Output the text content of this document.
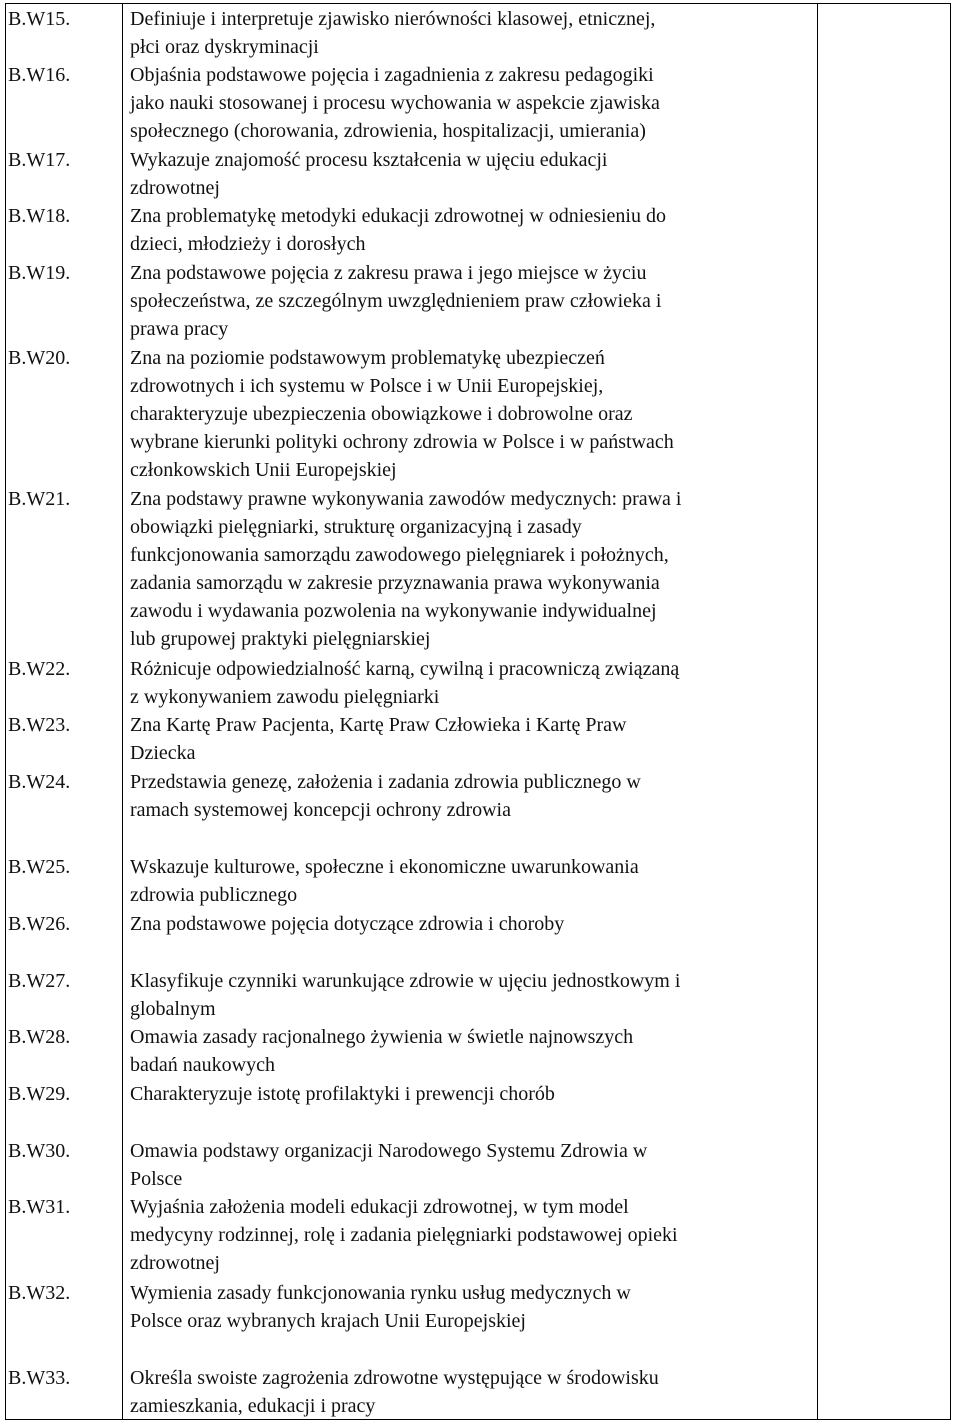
B.W15.	Definiuje i interpretuje zjawisko nierówności klasowej, etnicznej,
płci oraz dyskryminacji
B.W16.	Objaśnia podstawowe pojęcia i zagadnienia z zakresu pedagogiki
jako nauki stosowanej i procesu wychowania w aspekcie zjawiska
społecznego (chorowania, zdrowienia, hospitalizacji, umierania)
B.W17.	Wykazuje znajomość procesu kształcenia w ujęciu edukacji
zdrowotnej
B.W18.	Zna problematykę metodyki edukacji zdrowotnej w odniesieniu do
dzieci, młodzieży i dorosłych
B.W19.	Zna podstawowe pojęcia z zakresu prawa i jego miejsce w życiu
społeczeństwa, ze szczególnym uwzględnieniem praw człowieka i
prawa pracy
B.W20.	Zna na poziomie podstawowym problematykę ubezpieczeń
zdrowotnych i ich systemu w Polsce i w Unii Europejskiej,
charakteryzuje ubezpieczenia obowiązkowe i dobrowolne oraz
wybrane kierunki polityki ochrony zdrowia w Polsce i w państwach
członkowskich Unii Europejskiej
B.W21.	Zna podstawy prawne wykonywania zawodów medycznych: prawa i
obowiązki pielęgniarki, strukturę organizacyjną i zasady
funkcjonowania samorządu zawodowego pielęgniarek i położnych,
zadania samorządu w zakresie przyznawania prawa wykonywania
zawodu i wydawania pozwolenia na wykonywanie indywidualnej
lub grupowej praktyki pielęgniarskiej
B.W22.	Różnicuje odpowiedzialność karną, cywilną i pracowniczą związaną
z wykonywaniem zawodu pielęgniarki
B.W23.	Zna Kartę Praw Pacjenta, Kartę Praw Człowieka i Kartę Praw
Dziecka
B.W24.	Przedstawia genezę, założenia i zadania zdrowia publicznego w
ramach systemowej koncepcji ochrony zdrowia
B.W25.	Wskazuje kulturowe, społeczne i ekonomiczne uwarunkowania
zdrowia publicznego
B.W26.	Zna podstawowe pojęcia dotyczące zdrowia i choroby
B.W27.	Klasyfikuje czynniki warunkujące zdrowie w ujęciu jednostkowym i
globalnym
B.W28.	Omawia zasady racjonalnego żywienia w świetle najnowszych
badań naukowych
B.W29.	Charakteryzuje istotę profilaktyki i prewencji chorób
B.W30.	Omawia podstawy organizacji Narodowego Systemu Zdrowia w
Polsce
B.W31.	Wyjaśnia założenia modeli edukacji zdrowotnej, w tym model
medycyny rodzinnej, rolę i zadania pielęgniarki podstawowej opieki
zdrowotnej
B.W32.	Wymienia zasady funkcjonowania rynku usług medycznych w
Polsce oraz wybranych krajach Unii Europejskiej
B.W33.	Określa swoiste zagrożenia zdrowotne występujące w środowisku
zamieszkania, edukacji i pracy
